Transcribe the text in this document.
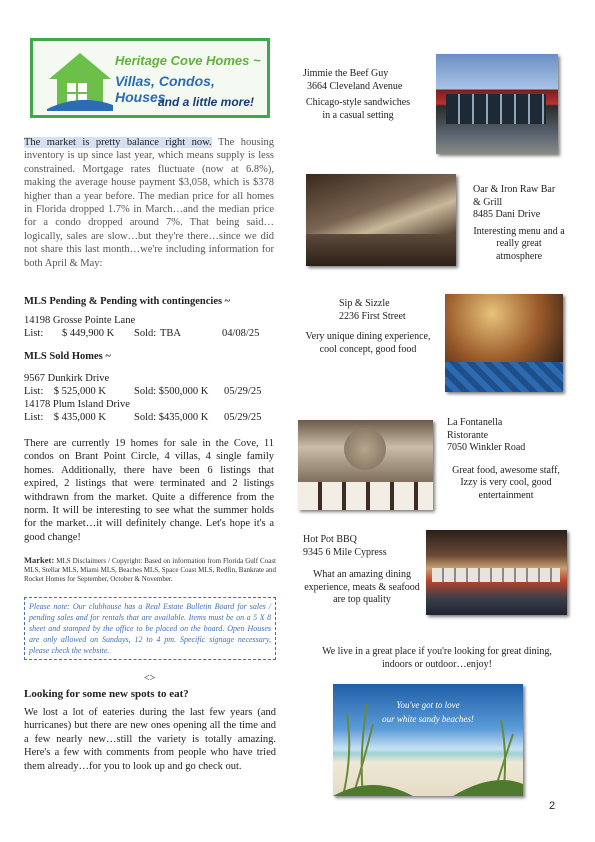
Heritage Cove Homes ~
Villas, Condos, Houses
and a little more!
The market is pretty balance right now. The housing inventory is up since last year, which means supply is less constrained. Mortgage rates fluctuate (now at 6.8%), making the average house payment $3,058, which is $378 higher than a year before. The median price for all homes in Florida dropped 1.7% in March…and the median price for a condo dropped around 7%. That being said…logically, sales are slow…but they're there…since we did not share this last month…we're including information for both April & May:
MLS Pending & Pending with contingencies ~
14198 Grosse Pointe Lane
List:	$ 449,900 K	Sold: TBA	04/08/25
MLS Sold Homes ~
9567 Dunkirk Drive
List:    $ 525,000 K	Sold: $500,000 K	05/29/25
14178 Plum Island Drive
List:    $ 435,000 K	Sold: $435,000 K	05/29/25
There are currently 19 homes for sale in the Cove, 11 condos on Brant Point Circle, 4 villas, 4 single family homes. Additionally, there have been 6 listings that expired, 2 listings that were terminated and 2 listings withdrawn from the market. Quite a difference from the norm. It will be interesting to see what the summer holds for the market…it will definitely change. Let's hope it's a good change!
Market: MLS Disclaimers / Copyright: Based on information from Florida Gulf Coast MLS, Stellar MLS, Miami MLS, Beaches MLS, Space Coast MLS, Redfin, Bankrate and Rocket Homes for September, October & November.
Please note: Our clubhouse has a Real Estate Bulletin Board for sales / pending sales and for rentals that are available. Items must be on a 5 X 8 sheet and stamped by the office to be placed on the board. Open Houses are only allowed on Sundays, 12 to 4 pm. Specific signage necessary, please check the website.
<>
Looking for some new spots to eat?
We lost a lot of eateries during the last few years (and hurricanes) but there are new ones opening all the time and a few nearly new…still the variety is totally amazing. Here's a few with comments from people who have tried them already…for you to look up and go check out.
Jimmie the Beef Guy
3664 Cleveland Avenue
Chicago-style sandwiches in a casual setting
Oar & Iron Raw Bar & Grill
8485 Dani Drive
Interesting menu and a really great atmosphere
Sip & Sizzle
2236 First Street
Very unique dining experience, cool concept, good food
La Fontanella Ristorante
7050 Winkler Road
Great food, awesome staff, Izzy is very cool, good entertainment
Hot Pot BBQ
9345 6 Mile Cypress
What an amazing dining experience, meats & seafood are top quality
We live in a great place if you're looking for great dining, indoors or outdoor…enjoy!
You've got to love
our white sandy beaches!
2
